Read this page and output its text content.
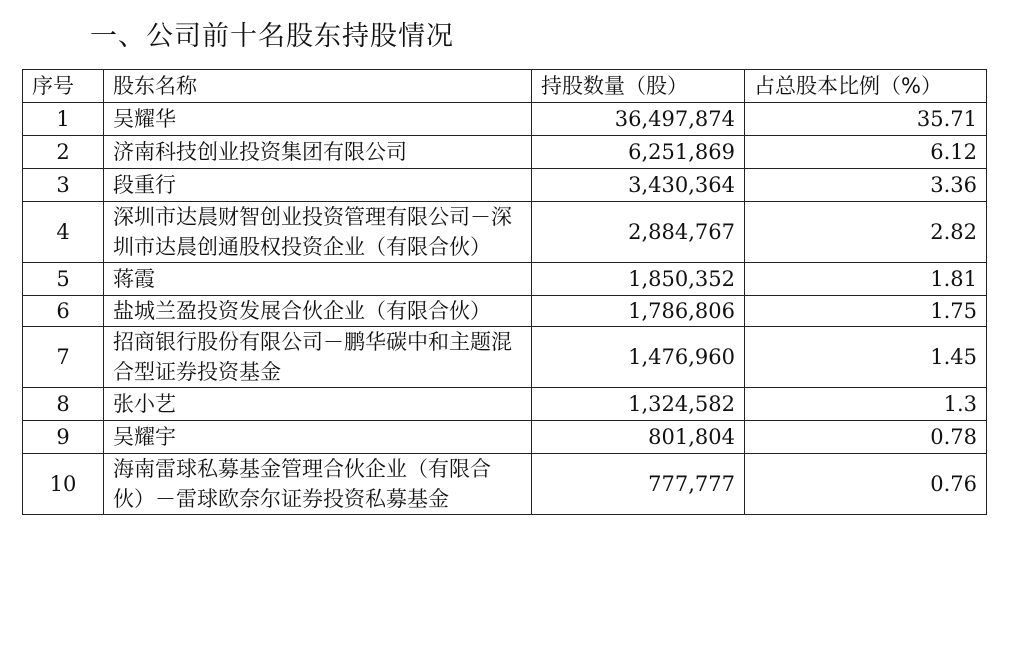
一、公司前十名股东持股情况
序号	股东名称	持股数量（股）	占总股本比例（%）
1	吴耀华	36,497,874	35.71
2	济南科技创业投资集团有限公司	6,251,869	6.12
3	段重行	3,430,364	3.36
4	深圳市达晨财智创业投资管理有限公司－深圳市达晨创通股权投资企业（有限合伙）	2,884,767	2.82
5	蒋霞	1,850,352	1.81
6	盐城兰盈投资发展合伙企业（有限合伙）	1,786,806	1.75
7	招商银行股份有限公司－鹏华碳中和主题混合型证券投资基金	1,476,960	1.45
8	张小艺	1,324,582	1.3
9	吴耀宇	801,804	0.78
10	海南雷球私募基金管理合伙企业（有限合伙）－雷球欧奈尔证券投资私募基金	777,777	0.76
